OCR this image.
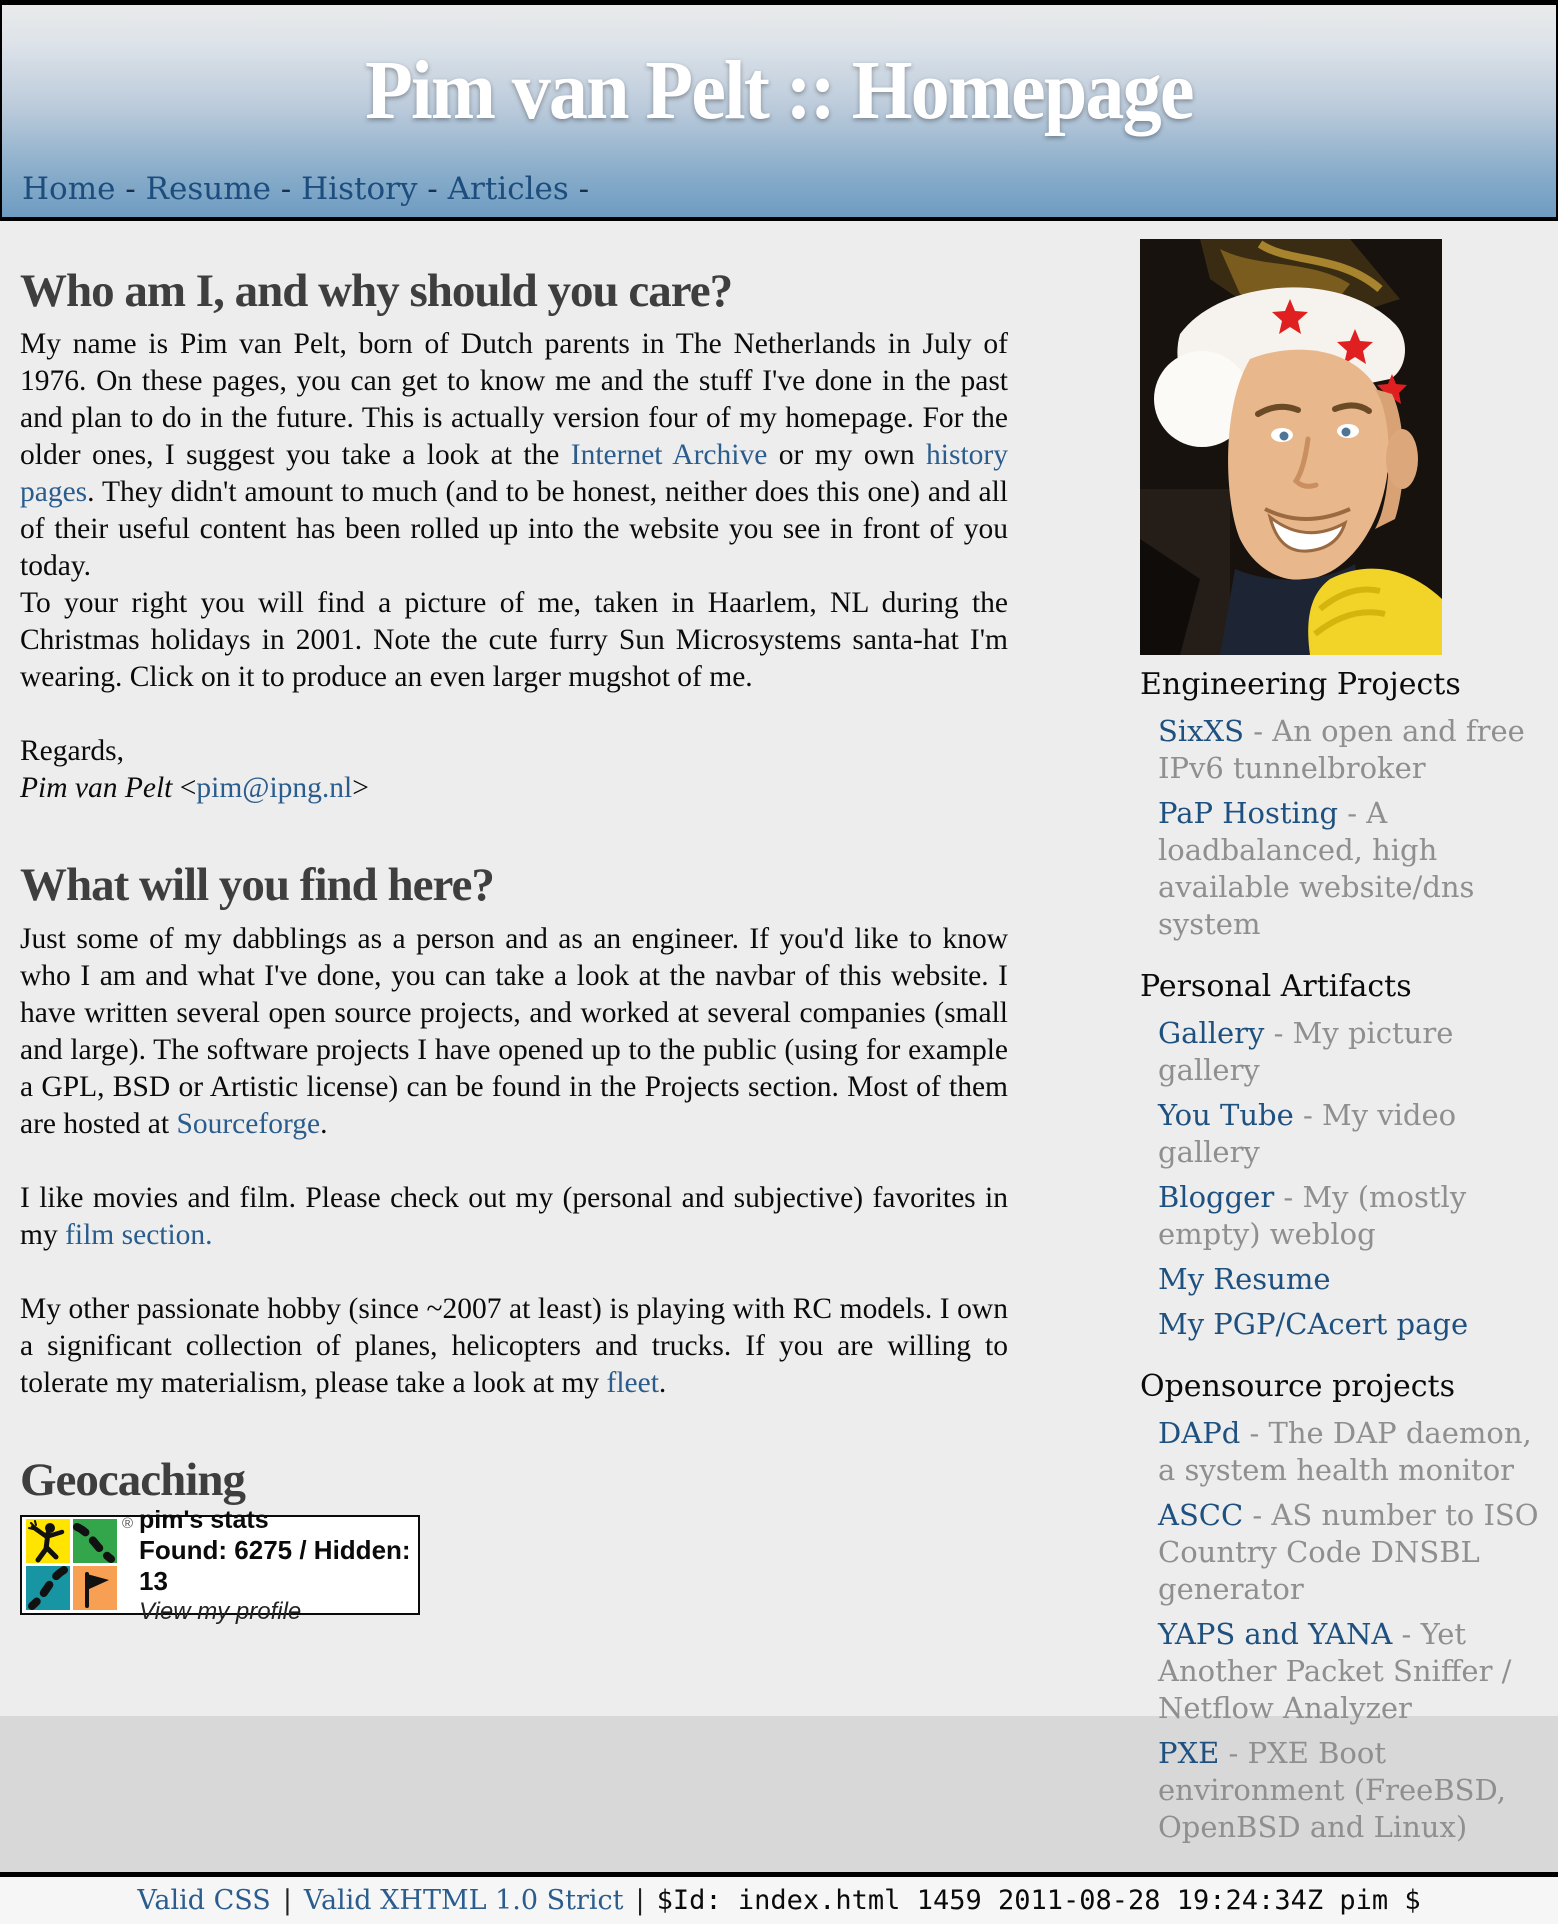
Pim van Pelt :: Homepage
Home - Resume - History - Articles -
Who am I, and why should you care?

My name is Pim van Pelt, born of Dutch parents in The Netherlands in July of 1976. On these pages, you can get to know me and the stuff I've done in the past and plan to do in the future. This is actually version four of my homepage. For the older ones, I suggest you take a look at the Internet Archive or my own history pages. They didn't amount to much (and to be honest, neither does this one) and all of their useful content has been rolled up into the website you see in front of you today.

To your right you will find a picture of me, taken in Haarlem, NL during the Christmas holidays in 2001. Note the cute furry Sun Microsystems santa-hat I'm wearing. Click on it to produce an even larger mugshot of me.

Regards,
Pim van Pelt <pim@ipng.nl>

What will you find here?

Just some of my dabblings as a person and as an engineer. If you'd like to know who I am and what I've done, you can take a look at the navbar of this website. I have written several open source projects, and worked at several companies (small and large). The software projects I have opened up to the public (using for example a GPL, BSD or Artistic license) can be found in the Projects section. Most of them are hosted at Sourceforge.

I like movies and film. Please check out my (personal and subjective) favorites in my film section.

My other passionate hobby (since ~2007 at least) is playing with RC models. I own a significant collection of planes, helicopters and trucks. If you are willing to tolerate my materialism, please take a look at my fleet.

Geocaching
® pim's stats
Found: 6275 / Hidden: 13
View my profile
Engineering Projects
SixXS - An open and free IPv6 tunnelbroker
PaP Hosting - A loadbalanced, high available website/dns system
Personal Artifacts
Gallery - My picture gallery
You Tube - My video gallery
Blogger - My (mostly empty) weblog
My Resume
My PGP/CAcert page
Opensource projects
DAPd - The DAP daemon, a system health monitor
ASCC - AS number to ISO Country Code DNSBL generator
YAPS and YANA - Yet Another Packet Sniffer / Netflow Analyzer
PXE - PXE Boot environment (FreeBSD, OpenBSD and Linux)
Valid CSS | Valid XHTML 1.0 Strict | $Id: index.html 1459 2011-08-28 19:24:34Z pim $
